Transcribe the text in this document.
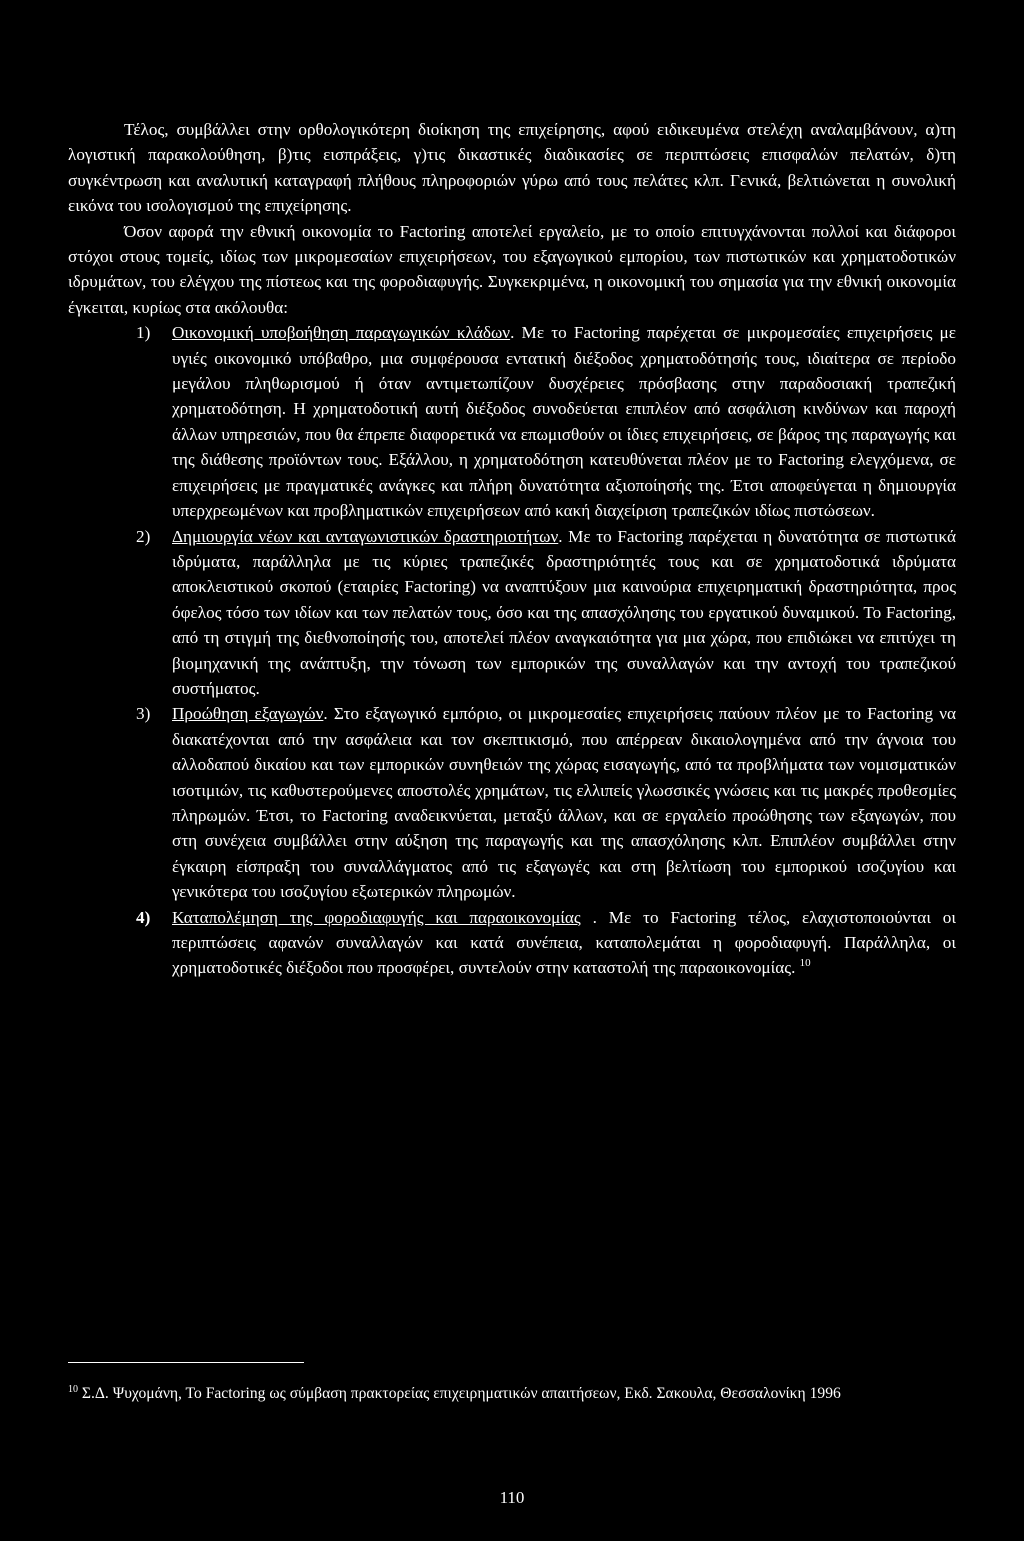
Τέλος, συμβάλλει στην ορθολογικότερη διοίκηση της επιχείρησης, αφού ειδικευμένα στελέχη αναλαμβάνουν, α)τη λογιστική παρακολούθηση, β)τις εισπράξεις, γ)τις δικαστικές διαδικασίες σε περιπτώσεις επισφαλών πελατών, δ)τη συγκέντρωση και αναλυτική καταγραφή πλήθους πληροφοριών γύρω από τους πελάτες κλπ. Γενικά, βελτιώνεται η συνολική εικόνα του ισολογισμού της επιχείρησης.

Όσον αφορά την εθνική οικονομία το Factoring αποτελεί εργαλείο, με το οποίο επιτυγχάνονται πολλοί και διάφοροι στόχοι στους τομείς, ιδίως των μικρομεσαίων επιχειρήσεων, του εξαγωγικού εμπορίου, των πιστωτικών και χρηματοδοτικών ιδρυμάτων, του ελέγχου της πίστεως και της φοροδιαφυγής. Συγκεκριμένα, η οικονομική του σημασία για την εθνική οικονομία έγκειται, κυρίως στα ακόλουθα:

1) Οικονομική υποβοήθηση παραγωγικών κλάδων. Με το Factoring παρέχεται σε μικρομεσαίες επιχειρήσεις με υγιές οικονομικό υπόβαθρο, μια συμφέρουσα εντατική διέξοδος χρηματοδότησής τους, ιδιαίτερα σε περίοδο μεγάλου πληθωρισμού ή όταν αντιμετωπίζουν δυσχέρειες πρόσβασης στην παραδοσιακή τραπεζική χρηματοδότηση. Η χρηματοδοτική αυτή διέξοδος συνοδεύεται επιπλέον από ασφάλιση κινδύνων και παροχή άλλων υπηρεσιών, που θα έπρεπε διαφορετικά να επωμισθούν οι ίδιες επιχειρήσεις, σε βάρος της παραγωγής και της διάθεσης προϊόντων τους. Εξάλλου, η χρηματοδότηση κατευθύνεται πλέον με το Factoring ελεγχόμενα, σε επιχειρήσεις με πραγματικές ανάγκες και πλήρη δυνατότητα αξιοποίησής της. Έτσι αποφεύγεται η δημιουργία υπερχρεωμένων και προβληματικών επιχειρήσεων από κακή διαχείριση τραπεζικών ιδίως πιστώσεων.
2) Δημιουργία νέων και ανταγωνιστικών δραστηριοτήτων. Με το Factoring παρέχεται η δυνατότητα σε πιστωτικά ιδρύματα, παράλληλα με τις κύριες τραπεζικές δραστηριότητές τους και σε χρηματοδοτικά ιδρύματα αποκλειστικού σκοπού (εταιρίες Factoring) να αναπτύξουν μια καινούρια επιχειρηματική δραστηριότητα, προς όφελος τόσο των ιδίων και των πελατών τους, όσο και της απασχόλησης του εργατικού δυναμικού. Το Factoring, από τη στιγμή της διεθνοποίησής του, αποτελεί πλέον αναγκαιότητα για μια χώρα, που επιδιώκει να επιτύχει τη βιομηχανική της ανάπτυξη, την τόνωση των εμπορικών της συναλλαγών και την αντοχή του τραπεζικού συστήματος.
3) Προώθηση εξαγωγών. Στο εξαγωγικό εμπόριο, οι μικρομεσαίες επιχειρήσεις παύουν πλέον με το Factoring να διακατέχονται από την ασφάλεια και τον σκεπτικισμό, που απέρρεαν δικαιολογημένα από την άγνοια του αλλοδαπού δικαίου και των εμπορικών συνηθειών της χώρας εισαγωγής, από τα προβλήματα των νομισματικών ισοτιμιών, τις καθυστερούμενες αποστολές χρημάτων, τις ελλιπείς γλωσσικές γνώσεις και τις μακρές προθεσμίες πληρωμών. Έτσι, το Factoring αναδεικνύεται, μεταξύ άλλων, και σε εργαλείο προώθησης των εξαγωγών, που στη συνέχεια συμβάλλει στην αύξηση της παραγωγής και της απασχόλησης κλπ. Επιπλέον συμβάλλει στην έγκαιρη είσπραξη του συναλλάγματος από τις εξαγωγές και στη βελτίωση του εμπορικού ισοζυγίου και γενικότερα του ισοζυγίου εξωτερικών πληρωμών.
4) Καταπολέμηση της φοροδιαφυγής και παραοικονομίας . Με το Factoring τέλος, ελαχιστοποιούνται οι περιπτώσεις αφανών συναλλαγών και κατά συνέπεια, καταπολεμάται η φοροδιαφυγή. Παράλληλα, οι χρηματοδοτικές διέξοδοι που προσφέρει, συντελούν στην καταστολή της παραοικονομίας. $^{10}$
$^{10}$ Σ.Δ. Ψυχομάνη, Το Factoring ως σύμβαση πρακτορείας επιχειρηματικών απαιτήσεων, Εκδ. Σακουλα, Θεσσαλονίκη 1996
110
